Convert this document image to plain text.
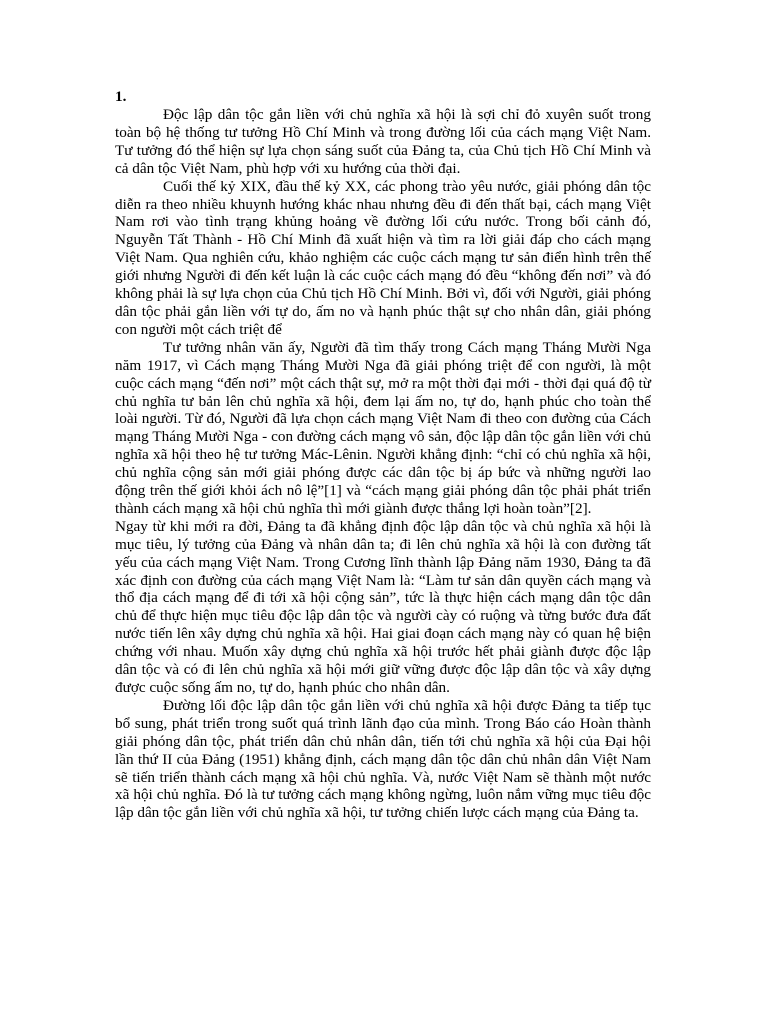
1.

Độc lập dân tộc gắn liền với chủ nghĩa xã hội là sợi chỉ đỏ xuyên suốt trong toàn bộ hệ thống tư tưởng Hồ Chí Minh và trong đường lối của cách mạng Việt Nam. Tư tưởng đó thể hiện sự lựa chọn sáng suốt của Đảng ta, của Chủ tịch Hồ Chí Minh và cả dân tộc Việt Nam, phù hợp với xu hướng của thời đại.

Cuối thế kỷ XIX, đầu thế kỷ XX, các phong trào yêu nước, giải phóng dân tộc diễn ra theo nhiều khuynh hướng khác nhau nhưng đều đi đến thất bại, cách mạng Việt Nam rơi vào tình trạng khủng hoảng về đường lối cứu nước. Trong bối cảnh đó, Nguyễn Tất Thành - Hồ Chí Minh đã xuất hiện và tìm ra lời giải đáp cho cách mạng Việt Nam. Qua nghiên cứu, khảo nghiệm các cuộc cách mạng tư sản điển hình trên thế giới nhưng Người đi đến kết luận là các cuộc cách mạng đó đều “không đến nơi” và đó không phải là sự lựa chọn của Chủ tịch Hồ Chí Minh. Bởi vì, đối với Người, giải phóng dân tộc phải gắn liền với tự do, ấm no và hạnh phúc thật sự cho nhân dân, giải phóng con người một cách triệt để

Tư tưởng nhân văn ấy, Người đã tìm thấy trong Cách mạng Tháng Mười Nga năm 1917, vì Cách mạng Tháng Mười Nga đã giải phóng triệt để con người, là một cuộc cách mạng “đến nơi” một cách thật sự, mở ra một thời đại mới - thời đại quá độ từ chủ nghĩa tư bản lên chủ nghĩa xã hội, đem lại ấm no, tự do, hạnh phúc cho toàn thể loài người. Từ đó, Người đã lựa chọn cách mạng Việt Nam đi theo con đường của Cách mạng Tháng Mười Nga - con đường cách mạng vô sản, độc lập dân tộc gắn liền với chủ nghĩa xã hội theo hệ tư tưởng Mác-Lênin. Người khẳng định: “chỉ có chủ nghĩa xã hội, chủ nghĩa cộng sản mới giải phóng được các dân tộc bị áp bức và những người lao động trên thế giới khỏi ách nô lệ”[1] và “cách mạng giải phóng dân tộc phải phát triển thành cách mạng xã hội chủ nghĩa thì mới giành được thắng lợi hoàn toàn”[2].

Ngay từ khi mới ra đời, Đảng ta đã khẳng định độc lập dân tộc và chủ nghĩa xã hội là mục tiêu, lý tưởng của Đảng và nhân dân ta; đi lên chủ nghĩa xã hội là con đường tất yếu của cách mạng Việt Nam. Trong Cương lĩnh thành lập Đảng năm 1930, Đảng ta đã xác định con đường của cách mạng Việt Nam là: “Làm tư sản dân quyền cách mạng và thổ địa cách mạng để đi tới xã hội cộng sản”, tức là thực hiện cách mạng dân tộc dân chủ để thực hiện mục tiêu độc lập dân tộc và người cày có ruộng và từng bước đưa đất nước tiến lên xây dựng chủ nghĩa xã hội. Hai giai đoạn cách mạng này có quan hệ biện chứng với nhau. Muốn xây dựng chủ nghĩa xã hội trước hết phải giành được độc lập dân tộc và có đi lên chủ nghĩa xã hội mới giữ vững được độc lập dân tộc và xây dựng được cuộc sống ấm no, tự do, hạnh phúc cho nhân dân.

Đường lối độc lập dân tộc gắn liền với chủ nghĩa xã hội được Đảng ta tiếp tục bổ sung, phát triển trong suốt quá trình lãnh đạo của mình. Trong Báo cáo Hoàn thành giải phóng dân tộc, phát triển dân chủ nhân dân, tiến tới chủ nghĩa xã hội của Đại hội lần thứ II của Đảng (1951) khẳng định, cách mạng dân tộc dân chủ nhân dân Việt Nam sẽ tiến triển thành cách mạng xã hội chủ nghĩa. Và, nước Việt Nam sẽ thành một nước xã hội chủ nghĩa. Đó là tư tưởng cách mạng không ngừng, luôn nắm vững mục tiêu độc lập dân tộc gắn liền với chủ nghĩa xã hội, tư tưởng chiến lược cách mạng của Đảng ta.
